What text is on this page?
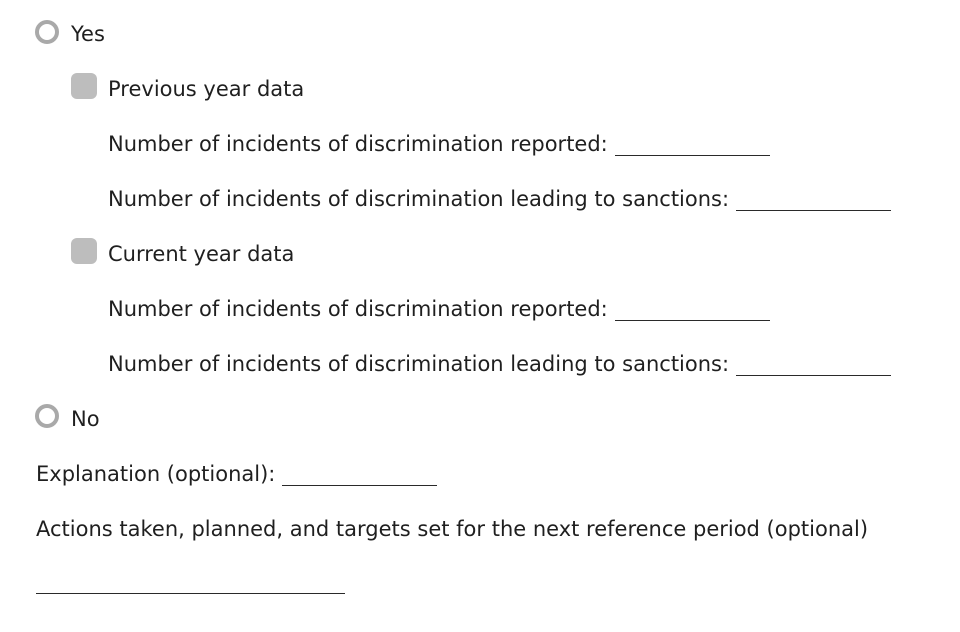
Yes
Previous year data
Number of incidents of discrimination reported:
Number of incidents of discrimination leading to sanctions:
Current year data
Number of incidents of discrimination reported:
Number of incidents of discrimination leading to sanctions:
No
Explanation (optional):
Actions taken, planned, and targets set for the next reference period (optional)
